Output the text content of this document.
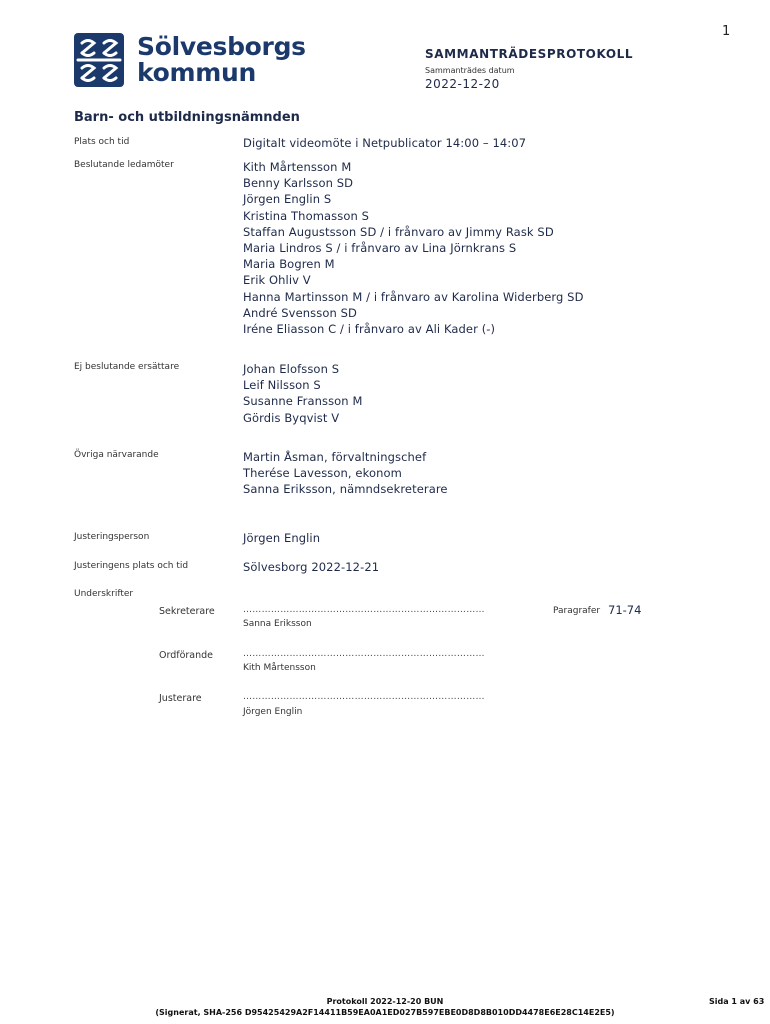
1
Sölvesborgs
kommun
SAMMANTRÄDESPROTOKOLL
Sammanträdes datum
2022-12-20
Barn- och utbildningsnämnden
Plats och tid	Digitalt videomöte i Netpublicator 14:00 – 14:07
Beslutande ledamöter	Kith Mårtensson M
Benny Karlsson SD
Jörgen Englin S
Kristina Thomasson S
Staffan Augustsson SD / i frånvaro av Jimmy Rask SD
Maria Lindros S / i frånvaro av Lina Jörnkrans S
Maria Bogren M
Erik Ohliv V
Hanna Martinsson M / i frånvaro av Karolina Widerberg SD
André Svensson SD
Iréne Eliasson C / i frånvaro av Ali Kader (-)
Ej beslutande ersättare	Johan Elofsson S
Leif Nilsson S
Susanne Fransson M
Gördis Byqvist V
Övriga närvarande	Martin Åsman, förvaltningschef
Therése Lavesson, ekonom
Sanna Eriksson, nämndsekreterare
Justeringsperson	Jörgen Englin
Justeringens plats och tid	Sölvesborg 2022-12-21
Underskrifter
Sekreterare	……………………………………………………………………	Paragrafer 71-74
Sanna Eriksson
Ordförande	……………………………………………………………………
Kith Mårtensson
Justerare	……………………………………………………………………
Jörgen Englin
Protokoll 2022-12-20 BUN
(Signerat, SHA-256 D95425429A2F14411B59EA0A1ED027B597EBE0D8D8B010DD4478E6E28C14E2E5)
Sida 1 av 63
